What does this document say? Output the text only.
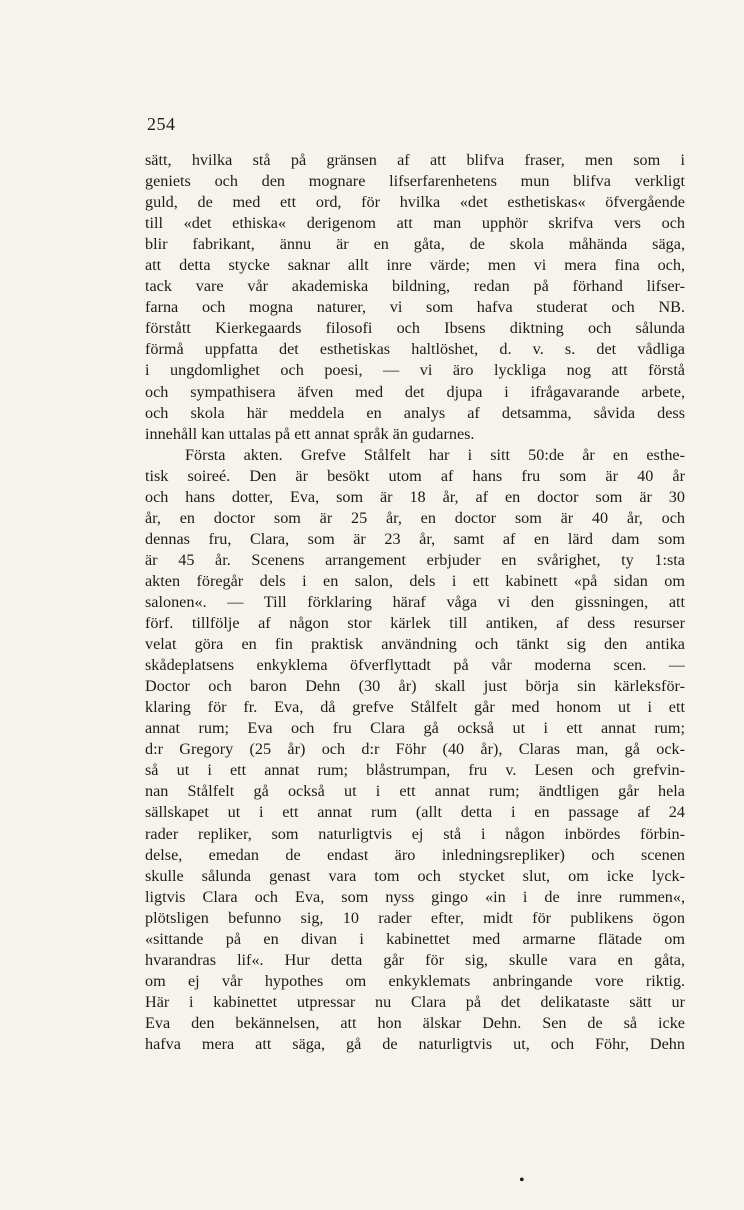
254
sätt, hvilka stå på gränsen af att blifva fraser, men som i
geniets och den mognare lifserfarenhetens mun blifva verkligt
guld, de med ett ord, för hvilka «det esthetiskas« öfvergående
till «det ethiska« derigenom att man upphör skrifva vers och
blir fabrikant, ännu är en gåta, de skola måhända säga,
att detta stycke saknar allt inre värde; men vi mera fina och,
tack vare vår akademiska bildning, redan på förhand lifser-
farna och mogna naturer, vi som hafva studerat och NB.
förstått Kierkegaards filosofi och Ibsens diktning och sålunda
förmå uppfatta det esthetiskas haltlöshet, d. v. s. det vådliga
i ungdomlighet och poesi, — vi äro lyckliga nog att förstå
och sympathisera äfven med det djupa i ifrågavarande arbete,
och skola här meddela en analys af detsamma, såvida dess
innehåll kan uttalas på ett annat språk än gudarnes.
Första akten. Grefve Stålfelt har i sitt 50:de år en esthe-
tisk soireé. Den är besökt utom af hans fru som är 40 år
och hans dotter, Eva, som är 18 år, af en doctor som är 30
år, en doctor som är 25 år, en doctor som är 40 år, och
dennas fru, Clara, som är 23 år, samt af en lärd dam som
är 45 år. Scenens arrangement erbjuder en svårighet, ty 1:sta
akten föregår dels i en salon, dels i ett kabinett «på sidan om
salonen«. — Till förklaring häraf våga vi den gissningen, att
förf. tillfölje af någon stor kärlek till antiken, af dess resurser
velat göra en fin praktisk användning och tänkt sig den antika
skådeplatsens enkyklema öfverflyttadt på vår moderna scen. —
Doctor och baron Dehn (30 år) skall just börja sin kärleksför-
klaring för fr. Eva, då grefve Stålfelt går med honom ut i ett
annat rum; Eva och fru Clara gå också ut i ett annat rum;
d:r Gregory (25 år) och d:r Föhr (40 år), Claras man, gå ock-
så ut i ett annat rum; blåstrumpan, fru v. Lesen och grefvin-
nan Stålfelt gå också ut i ett annat rum; ändtligen går hela
sällskapet ut i ett annat rum (allt detta i en passage af 24
rader repliker, som naturligtvis ej stå i någon inbördes förbin-
delse, emedan de endast äro inledningsrepliker) och scenen
skulle sålunda genast vara tom och stycket slut, om icke lyck-
ligtvis Clara och Eva, som nyss gingo «in i de inre rummen«,
plötsligen befunno sig, 10 rader efter, midt för publikens ögon
«sittande på en divan i kabinettet med armarne flätade om
hvarandras lif«. Hur detta går för sig, skulle vara en gåta,
om ej vår hypothes om enkyklemats anbringande vore riktig.
Här i kabinettet utpressar nu Clara på det delikataste sätt ur
Eva den bekännelsen, att hon älskar Dehn. Sen de så icke
hafva mera att säga, gå de naturligtvis ut, och Föhr, Dehn
•
